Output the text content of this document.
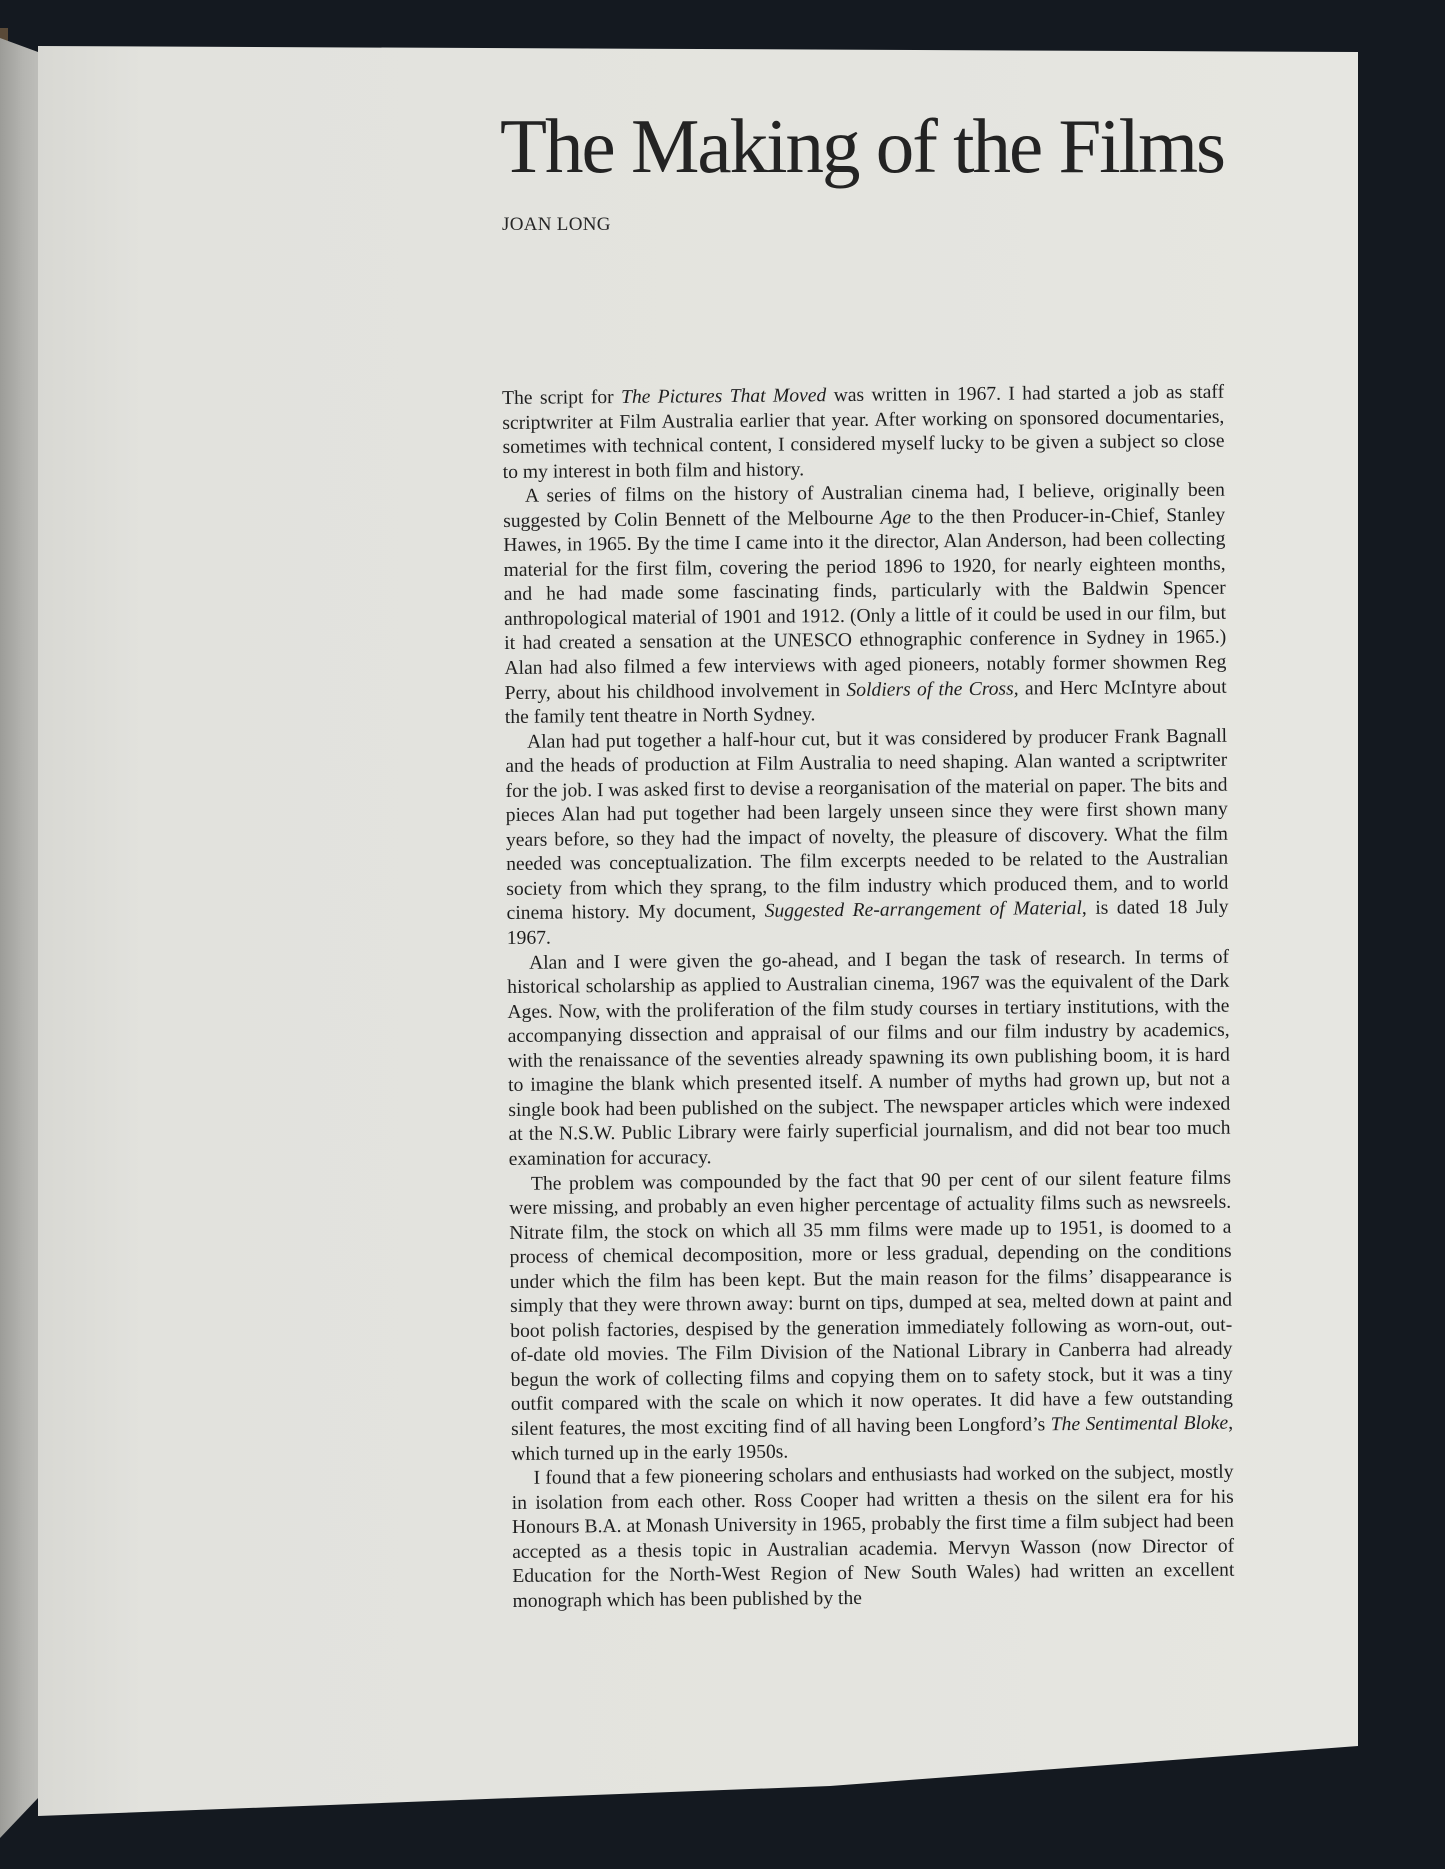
The Making of the Films
JOAN LONG

The script for The Pictures That Moved was written in 1967. I had started a job as staff scriptwriter at Film Australia earlier that year. After working on sponsored documentaries, sometimes with technical content, I considered myself lucky to be given a subject so close to my interest in both film and history.

A series of films on the history of Australian cinema had, I believe, originally been suggested by Colin Bennett of the Melbourne Age to the then Producer-in-Chief, Stanley Hawes, in 1965. By the time I came into it the director, Alan Anderson, had been collecting material for the first film, covering the period 1896 to 1920, for nearly eighteen months, and he had made some fascinating finds, particularly with the Baldwin Spencer anthropological material of 1901 and 1912. (Only a little of it could be used in our film, but it had created a sensation at the UNESCO ethnographic conference in Sydney in 1965.) Alan had also filmed a few interviews with aged pioneers, notably former showmen Reg Perry, about his childhood involvement in Soldiers of the Cross, and Herc McIntyre about the family tent theatre in North Sydney.

Alan had put together a half-hour cut, but it was considered by producer Frank Bagnall and the heads of production at Film Australia to need shaping. Alan wanted a scriptwriter for the job. I was asked first to devise a reorganisation of the material on paper. The bits and pieces Alan had put together had been largely unseen since they were first shown many years before, so they had the impact of novelty, the pleasure of discovery. What the film needed was conceptualization. The film excerpts needed to be related to the Australian society from which they sprang, to the film industry which produced them, and to world cinema history. My document, Suggested Re-arrangement of Material, is dated 18 July 1967.

Alan and I were given the go-ahead, and I began the task of research. In terms of historical scholarship as applied to Australian cinema, 1967 was the equivalent of the Dark Ages. Now, with the proliferation of the film study courses in tertiary institutions, with the accompanying dissection and appraisal of our films and our film industry by academics, with the renaissance of the seventies already spawning its own publishing boom, it is hard to imagine the blank which presented itself. A number of myths had grown up, but not a single book had been published on the subject. The newspaper articles which were indexed at the N.S.W. Public Library were fairly superficial journalism, and did not bear too much examination for accuracy.

The problem was compounded by the fact that 90 per cent of our silent feature films were missing, and probably an even higher percentage of actuality films such as newsreels. Nitrate film, the stock on which all 35 mm films were made up to 1951, is doomed to a process of chemical decomposition, more or less gradual, depending on the conditions under which the film has been kept. But the main reason for the films’ disappearance is simply that they were thrown away: burnt on tips, dumped at sea, melted down at paint and boot polish factories, despised by the generation immediately following as worn-out, out-of-date old movies. The Film Division of the National Library in Canberra had already begun the work of collecting films and copying them on to safety stock, but it was a tiny outfit compared with the scale on which it now operates. It did have a few outstanding silent features, the most exciting find of all having been Longford’s The Sentimental Bloke, which turned up in the early 1950s.

I found that a few pioneering scholars and enthusiasts had worked on the subject, mostly in isolation from each other. Ross Cooper had written a thesis on the silent era for his Honours B.A. at Monash University in 1965, probably the first time a film subject had been accepted as a thesis topic in Australian academia. Mervyn Wasson (now Director of Education for the North-West Region of New South Wales) had written an excellent monograph which has been published by the
